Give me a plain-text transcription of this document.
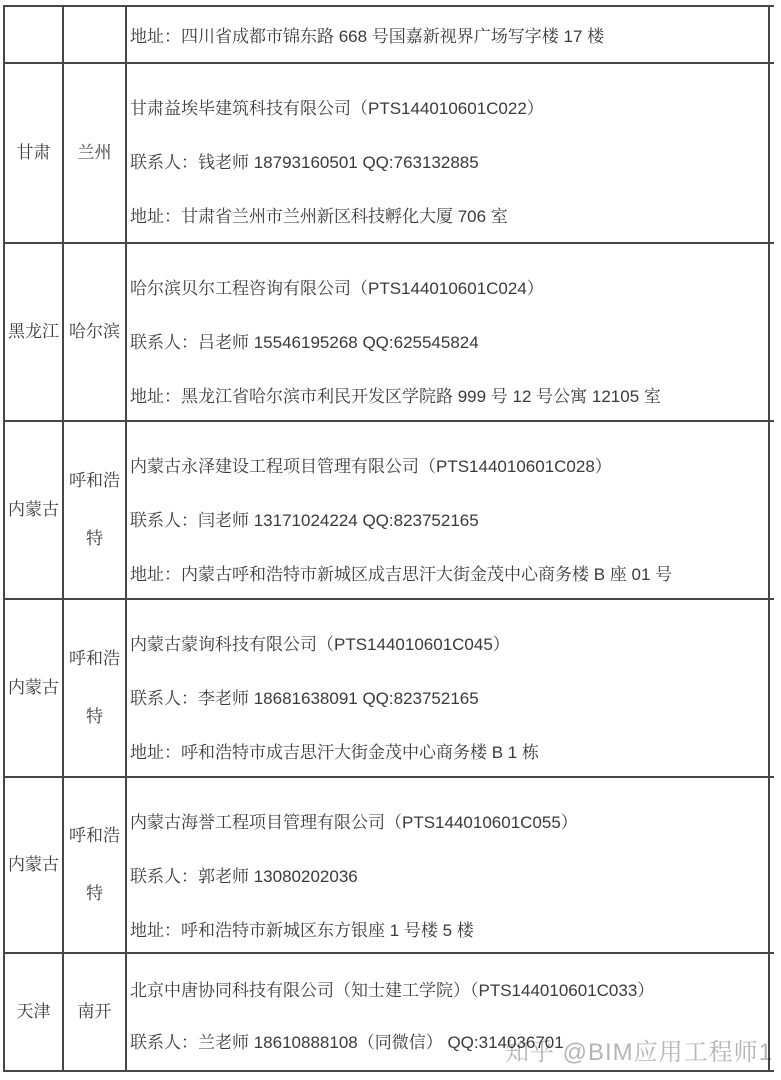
地址：四川省成都市锦东路 668 号国嘉新视界广场写字楼 17 楼
甘肃	兰州
甘肃益埃毕建筑科技有限公司（PTS144010601C022）
联系人：钱老师 18793160501 QQ:763132885
地址：甘肃省兰州市兰州新区科技孵化大厦 706 室
黑龙江 哈尔滨
哈尔滨贝尔工程咨询有限公司（PTS144010601C024）
联系人：吕老师 15546195268 QQ:625545824
地址：黑龙江省哈尔滨市利民开发区学院路 999 号 12 号公寓 12105 室
内蒙古
呼和浩特
内蒙古永泽建设工程项目管理有限公司（PTS144010601C028）
联系人：闫老师 13171024224 QQ:823752165
地址：内蒙古呼和浩特市新城区成吉思汗大街金茂中心商务楼 B 座 01 号
内蒙古
呼和浩特
内蒙古蒙询科技有限公司（PTS144010601C045）
联系人：李老师 18681638091 QQ:823752165
地址：呼和浩特市成吉思汗大街金茂中心商务楼 B 1 栋
内蒙古
呼和浩特
内蒙古海誉工程项目管理有限公司（PTS144010601C055）
联系人：郭老师 13080202036
地址：呼和浩特市新城区东方银座 1 号楼 5 楼
天津	南开
北京中唐协同科技有限公司（知士建工学院）（PTS144010601C033）
联系人：兰老师 18610888108（同微信） QQ:314036701
知乎 @BIM应用工程师1
